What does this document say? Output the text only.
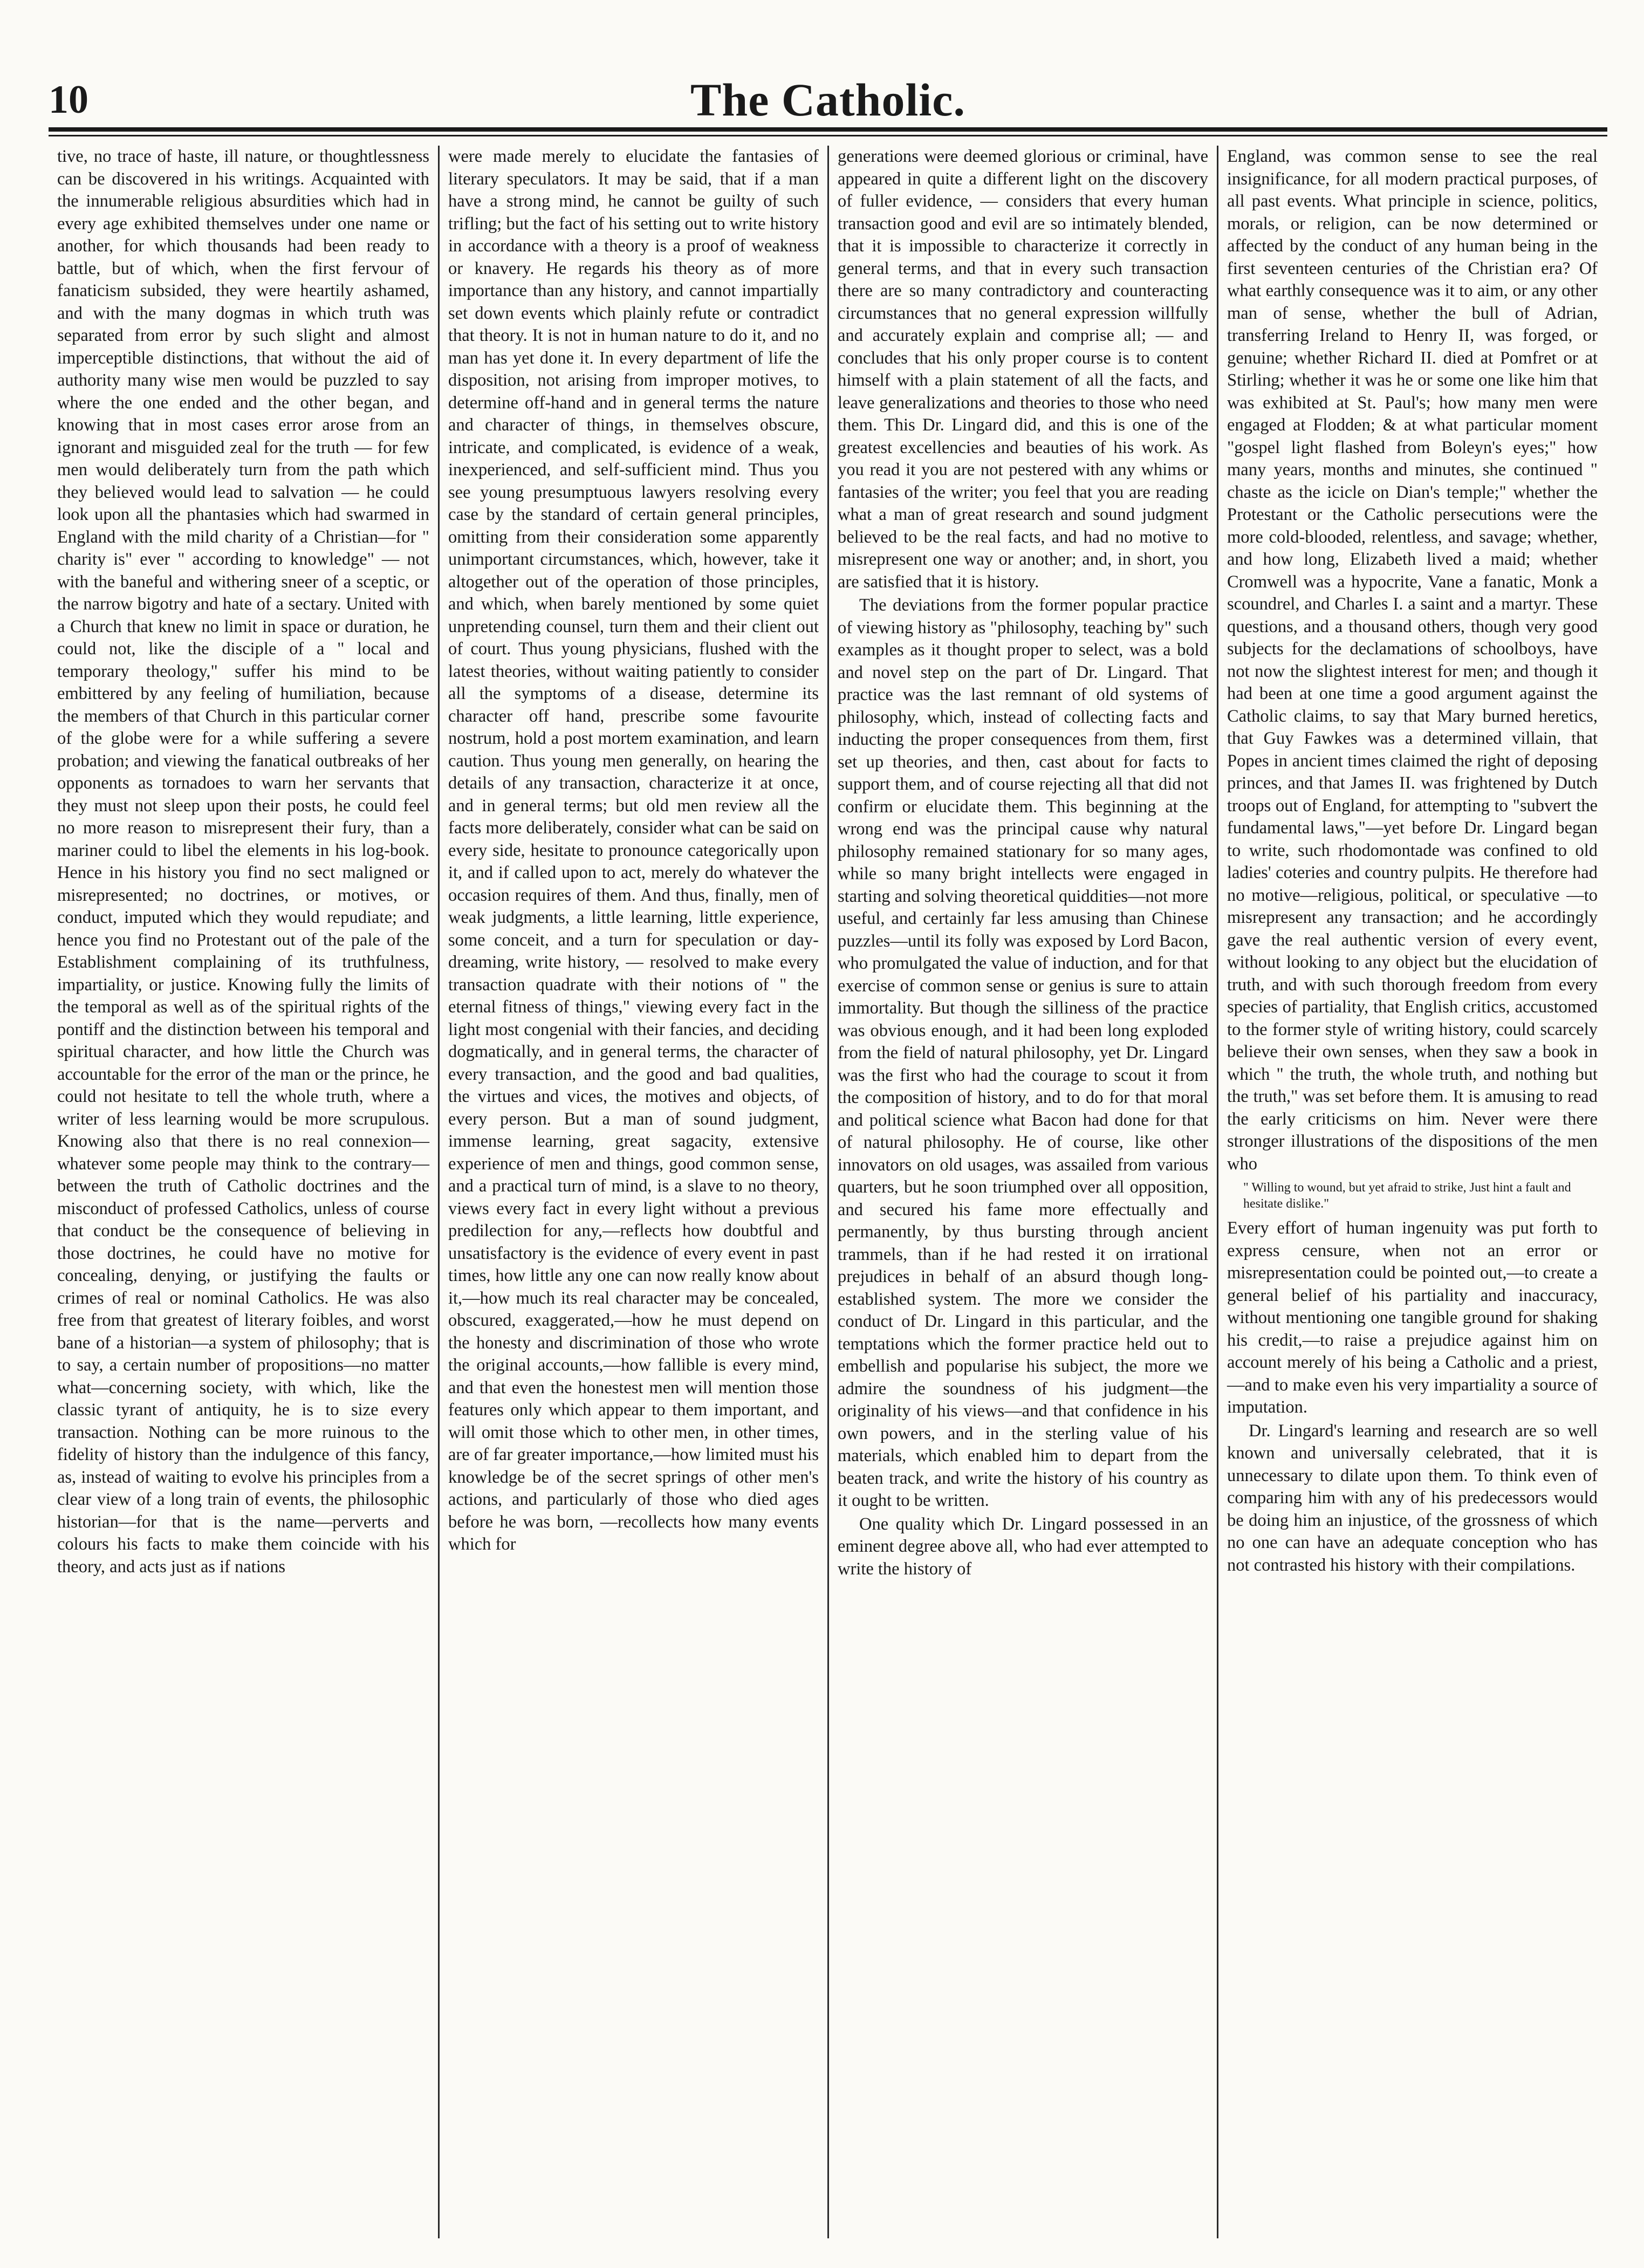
10	The Catholic.

tive, no trace of haste, ill nature, or thoughtlessness can be discovered in his writings. Acquainted with the innumerable religious absurdities which had in every age exhibited themselves under one name or another, for which thousands had been ready to battle, but of which, when the first fervour of fanaticism subsided, they were heartily ashamed, and with the many dogmas in which truth was separated from error by such slight and almost imperceptible distinctions, that without the aid of authority many wise men would be puzzled to say where the one ended and the other began, and knowing that in most cases error arose from an ignorant and misguided zeal for the truth — for few men would deliberately turn from the path which they believed would lead to salvation — he could look upon all the phantasies which had swarmed in England with the mild charity of a Christian—for " charity is" ever " according to knowledge" — not with the baneful and withering sneer of a sceptic, or the narrow bigotry and hate of a sectary. United with a Church that knew no limit in space or duration, he could not, like the disciple of a " local and temporary theology," suffer his mind to be embittered by any feeling of humiliation, because the members of that Church in this particular corner of the globe were for a while suffering a severe probation; and viewing the fanatical outbreaks of her opponents as tornadoes to warn her servants that they must not sleep upon their posts, he could feel no more reason to misrepresent their fury, than a mariner could to libel the elements in his log-book. Hence in his history you find no sect maligned or misrepresented; no doctrines, or motives, or conduct, imputed which they would repudiate; and hence you find no Protestant out of the pale of the Establishment complaining of its truthfulness, impartiality, or justice. Knowing fully the limits of the temporal as well as of the spiritual rights of the pontiff and the distinction between his temporal and spiritual character, and how little the Church was accountable for the error of the man or the prince, he could not hesitate to tell the whole truth, where a writer of less learning would be more scrupulous. Knowing also that there is no real connexion—whatever some people may think to the contrary—between the truth of Catholic doctrines and the misconduct of professed Catholics, unless of course that conduct be the consequence of believing in those doctrines, he could have no motive for concealing, denying, or justifying the faults or crimes of real or nominal Catholics. He was also free from that greatest of literary foibles, and worst bane of a historian—a system of philosophy; that is to say, a certain number of propositions—no matter what—concerning society, with which, like the classic tyrant of antiquity, he is to size every transaction. Nothing can be more ruinous to the fidelity of history than the indulgence of this fancy, as, instead of waiting to evolve his principles from a clear view of a long train of events, the philosophic historian—for that is the name—perverts and colours his facts to make them coincide with his theory, and acts just as if nations

were made merely to elucidate the fantasies of literary speculators. It may be said, that if a man have a strong mind, he cannot be guilty of such trifling; but the fact of his setting out to write history in accordance with a theory is a proof of weakness or knavery. He regards his theory as of more importance than any history, and cannot impartially set down events which plainly refute or contradict that theory. It is not in human nature to do it, and no man has yet done it. In every department of life the disposition, not arising from improper motives, to determine off-hand and in general terms the nature and character of things, in themselves obscure, intricate, and complicated, is evidence of a weak, inexperienced, and self-sufficient mind. Thus you see young presumptuous lawyers resolving every case by the standard of certain general principles, omitting from their consideration some apparently unimportant circumstances, which, however, take it altogether out of the operation of those principles, and which, when barely mentioned by some quiet unpretending counsel, turn them and their client out of court. Thus young physicians, flushed with the latest theories, without waiting patiently to consider all the symptoms of a disease, determine its character off hand, prescribe some favourite nostrum, hold a post mortem examination, and learn caution. Thus young men generally, on hearing the details of any transaction, characterize it at once, and in general terms; but old men review all the facts more deliberately, consider what can be said on every side, hesitate to pronounce categorically upon it, and if called upon to act, merely do whatever the occasion requires of them. And thus, finally, men of weak judgments, a little learning, little experience, some conceit, and a turn for speculation or day-dreaming, write history, — resolved to make every transaction quadrate with their notions of " the eternal fitness of things," viewing every fact in the light most congenial with their fancies, and deciding dogmatically, and in general terms, the character of every transaction, and the good and bad qualities, the virtues and vices, the motives and objects, of every person. But a man of sound judgment, immense learning, great sagacity, extensive experience of men and things, good common sense, and a practical turn of mind, is a slave to no theory, views every fact in every light without a previous predilection for any,—reflects how doubtful and unsatisfactory is the evidence of every event in past times, how little any one can now really know about it,—how much its real character may be concealed, obscured, exaggerated,—how he must depend on the honesty and discrimination of those who wrote the original accounts,—how fallible is every mind, and that even the honestest men will mention those features only which appear to them important, and will omit those which to other men, in other times, are of far greater importance,—how limited must his knowledge be of the secret springs of other men's actions, and particularly of those who died ages before he was born, —recollects how many events which for

generations were deemed glorious or criminal, have appeared in quite a different light on the discovery of fuller evidence, — considers that every human transaction good and evil are so intimately blended, that it is impossible to characterize it correctly in general terms, and that in every such transaction there are so many contradictory and counteracting circumstances that no general expression willfully and accurately explain and comprise all; — and concludes that his only proper course is to content himself with a plain statement of all the facts, and leave generalizations and theories to those who need them. This Dr. Lingard did, and this is one of the greatest excellencies and beauties of his work. As you read it you are not pestered with any whims or fantasies of the writer; you feel that you are reading what a man of great research and sound judgment believed to be the real facts, and had no motive to misrepresent one way or another; and, in short, you are satisfied that it is history.

The deviations from the former popular practice of viewing history as "philosophy, teaching by" such examples as it thought proper to select, was a bold and novel step on the part of Dr. Lingard. That practice was the last remnant of old systems of philosophy, which, instead of collecting facts and inducting the proper consequences from them, first set up theories, and then, cast about for facts to support them, and of course rejecting all that did not confirm or elucidate them. This beginning at the wrong end was the principal cause why natural philosophy remained stationary for so many ages, while so many bright intellects were engaged in starting and solving theoretical quiddities—not more useful, and certainly far less amusing than Chinese puzzles—until its folly was exposed by Lord Bacon, who promulgated the value of induction, and for that exercise of common sense or genius is sure to attain immortality. But though the silliness of the practice was obvious enough, and it had been long exploded from the field of natural philosophy, yet Dr. Lingard was the first who had the courage to scout it from the composition of history, and to do for that moral and political science what Bacon had done for that of natural philosophy. He of course, like other innovators on old usages, was assailed from various quarters, but he soon triumphed over all opposition, and secured his fame more effectually and permanently, by thus bursting through ancient trammels, than if he had rested it on irrational prejudices in behalf of an absurd though long-established system. The more we consider the conduct of Dr. Lingard in this particular, and the temptations which the former practice held out to embellish and popularise his subject, the more we admire the soundness of his judgment—the originality of his views—and that confidence in his own powers, and in the sterling value of his materials, which enabled him to depart from the beaten track, and write the history of his country as it ought to be written.

One quality which Dr. Lingard possessed in an eminent degree above all, who had ever attempted to write the history of

England, was common sense to see the real insignificance, for all modern practical purposes, of all past events. What principle in science, politics, morals, or religion, can be now determined or affected by the conduct of any human being in the first seventeen centuries of the Christian era? Of what earthly consequence was it to aim, or any other man of sense, whether the bull of Adrian, transferring Ireland to Henry II, was forged, or genuine; whether Richard II. died at Pomfret or at Stirling; whether it was he or some one like him that was exhibited at St. Paul's; how many men were engaged at Flodden; & at what particular moment "gospel light flashed from Boleyn's eyes;" how many years, months and minutes, she continued " chaste as the icicle on Dian's temple;" whether the Protestant or the Catholic persecutions were the more cold-blooded, relentless, and savage; whether, and how long, Elizabeth lived a maid; whether Cromwell was a hypocrite, Vane a fanatic, Monk a scoundrel, and Charles I. a saint and a martyr. These questions, and a thousand others, though very good subjects for the declamations of schoolboys, have not now the slightest interest for men; and though it had been at one time a good argument against the Catholic claims, to say that Mary burned heretics, that Guy Fawkes was a determined villain, that Popes in ancient times claimed the right of deposing princes, and that James II. was frightened by Dutch troops out of England, for attempting to "subvert the fundamental laws,"—yet before Dr. Lingard began to write, such rhodomontade was confined to old ladies' coteries and country pulpits. He therefore had no motive—religious, political, or speculative —to misrepresent any transaction; and he accordingly gave the real authentic version of every event, without looking to any object but the elucidation of truth, and with such thorough freedom from every species of partiality, that English critics, accustomed to the former style of writing history, could scarcely believe their own senses, when they saw a book in which " the truth, the whole truth, and nothing but the truth," was set before them. It is amusing to read the early criticisms on him. Never were there stronger illustrations of the dispositions of the men who

" Willing to wound, but yet afraid to strike, Just hint a fault and hesitate dislike."

Every effort of human ingenuity was put forth to express censure, when not an error or misrepresentation could be pointed out,—to create a general belief of his partiality and inaccuracy, without mentioning one tangible ground for shaking his credit,—to raise a prejudice against him on account merely of his being a Catholic and a priest,—and to make even his very impartiality a source of imputation.

Dr. Lingard's learning and research are so well known and universally celebrated, that it is unnecessary to dilate upon them. To think even of comparing him with any of his predecessors would be doing him an injustice, of the grossness of which no one can have an adequate conception who has not contrasted his history with their compilations.
